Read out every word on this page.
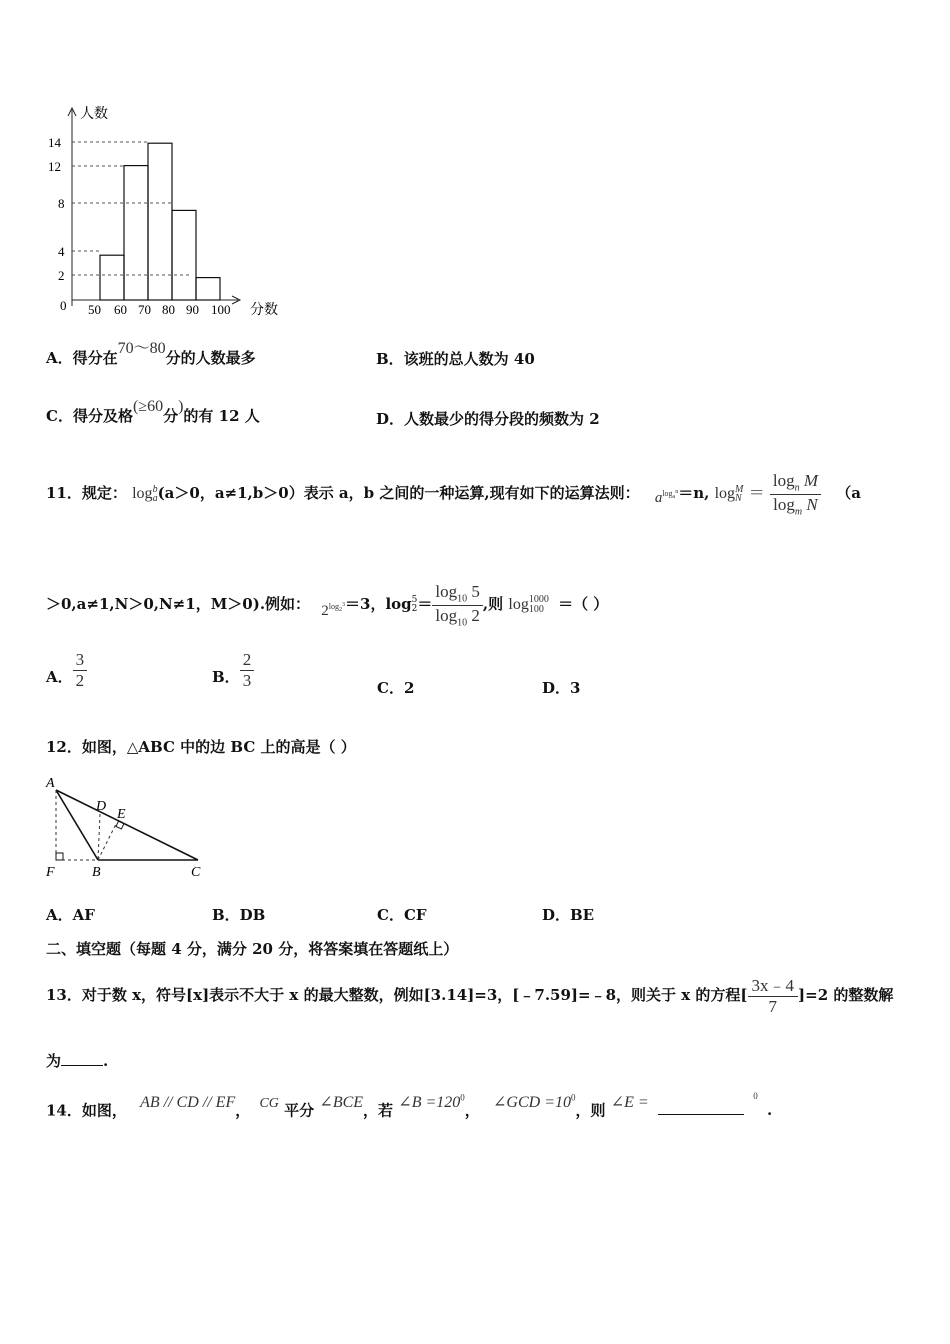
人数
分数
14
12
8
4
2
0 50 60 70 80 90 100
A．得分在70～80分的人数最多	B．该班的总人数为 40
C．得分及格(≥60分)的有 12 人	D．人数最少的得分段的频数为 2
11．规定： log b
a (a＞0，a≠1,b＞0）表示 a，b 之间的一种运算,现有如下的运算法则： $a^{log_a^n}=n$, log M
$N = \frac{\log_n M}{\log_m N} (a$
＞0,a≠1,N＞0,N≠1，M＞0).例如： $2^{log_2^3}=3$，log 5
$2 = \frac{\log_{10} 5}{\log_{10} 2}$ ,则 log 1000
100 ＝（ ）
A． $\frac{3}{2}$	B． $\frac{2}{3}$	C．2	D．3
12．如图，△ABC 中的边 BC 上的高是（ ）
A
D
E
F	B	C
A．AF	B．DB	C．CF	D．BE
二、填空题（每题 4 分，满分 20 分，将答案填在答题纸上）
13．对于数 x，符号[x]表示不大于 x 的最大整数，例如[3.14]=3，[﹣7.59]=﹣8，则关于 x 的方程[ $\frac{3x﹣4}{7} ]=2$ 的整数解
为	.
14．如图， AB // CD // EF， CG 平分 ∠BCE，若 ∠B $=120^0$， ∠GCD $=10^0$，则 ∠E =	$^0$ .
